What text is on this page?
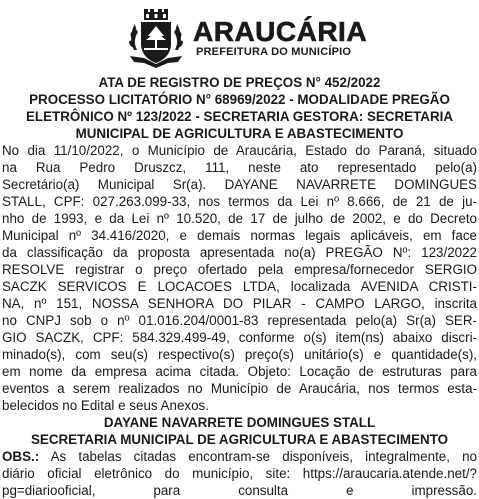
ARAUCÁRIA
PREFEITURA DO MUNICÍPIO
ATA DE REGISTRO DE PREÇOS N° 452/2022
PROCESSO LICITATÓRIO N° 68969/2022 - MODALIDADE PREGÃO
ELETRÔNICO Nº 123/2022 - SECRETARIA GESTORA: SECRETARIA
MUNICIPAL DE AGRICULTURA E ABASTECIMENTO
No dia 11/10/2022, o Município de Araucária, Estado do Paraná, situado
na Rua Pedro Druszcz, 111, neste ato representado pelo(a)
Secretário(a) Municipal Sr(a). DAYANE NAVARRETE DOMINGUES
STALL, CPF: 027.263.099-33, nos termos da Lei nº 8.666, de 21 de ju-
nho de 1993, e da Lei nº 10.520, de 17 de julho de 2002, e do Decreto
Municipal nº 34.416/2020, e demais normas legais aplicáveis, em face
da classificação da proposta apresentada no(a) PREGÃO Nº: 123/2022
RESOLVE registrar o preço ofertado pela empresa/fornecedor SERGIO
SACZK SERVICOS E LOCACOES LTDA, localizada AVENIDA CRISTI-
NA, nº 151, NOSSA SENHORA DO PILAR - CAMPO LARGO, inscrita
no CNPJ sob o nº 01.016.204/0001-83 representada pelo(a) Sr(a) SER-
GIO SACZK, CPF: 584.329.499-49, conforme o(s) item(ns) abaixo discri-
minado(s), com seu(s) respectivo(s) preço(s) unitário(s) e quantidade(s),
em nome da empresa acima citada. Objeto: Locação de estruturas para
eventos a serem realizados no Município de Araucária, nos termos esta-
belecidos no Edital e seus Anexos.
DAYANE NAVARRETE DOMINGUES STALL
SECRETARIA MUNICIPAL DE AGRICULTURA E ABASTECIMENTO
OBS.: As tabelas citadas encontram-se disponíveis, integralmente, no
diário oficial eletrônico do município, site: https://araucaria.atende.net/?
pg=diariooficial, para consulta e impressão.
